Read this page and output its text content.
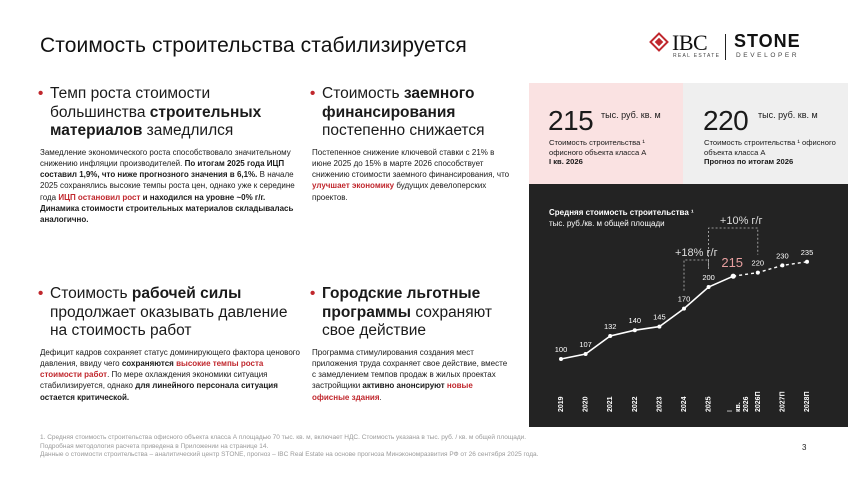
Стоимость строительства стабилизируется	IBC
REAL ESTATE
STONE
DEVELOPER
• Темп роста стоимости большинства строительных материалов замедлился
Замедление экономического роста способствовало значительному снижению инфляции производителей. По итогам 2025 года ИЦП составил 1,9%, что ниже прогнозного значения в 6,1%. В начале 2025 сохранялись высокие темпы роста цен, однако уже к середине года ИЦП остановил рост и находился на уровне ~0% г/г. Динамика стоимости строительных материалов складывалась аналогично.
• Стоимость заемного финансирования постепенно снижается
Постепенное снижение ключевой ставки с 21% в июне 2025 до 15% в марте 2026 способствует снижению стоимости заемного финансирования, что улучшает экономику будущих девелоперских проектов.
• Стоимость рабочей силы продолжает оказывать давление на стоимость работ
Дефицит кадров сохраняет статус доминирующего фактора ценового давления, ввиду чего сохраняются высокие темпы роста стоимости работ. По мере охлаждения экономики ситуация стабилизируется, однако для линейного персонала ситуация остается критической.
• Городские льготные программы сохраняют свое действие
Программа стимулирования создания мест приложения труда сохраняет свое действие, вместе с замедлением темпов продаж в жилых проектах застройщики активно анонсируют новые офисные здания.
215 тыс. руб. кв. м
Стоимость строительства ¹ офисного объекта класса А
I кв. 2026
220 тыс. руб. кв. м
Стоимость строительства ¹ офисного объекта класса А
Прогноз по итогам 2026
Средняя стоимость строительства ¹
тыс. руб./кв. м общей площади
100
2019
107
2020
132
2021
140
2022
145
2023
170
2024
200
2025
215
Iкв.2026
220
2026П
230
2027П
235
2028П
+18% г/г
+10% г/г
1. Средняя стоимость строительства офисного объекта класса А площадью 70 тыс. кв. м, включает НДС. Стоимость указана в тыс. руб. / кв. м общей площади.
Подробная методология расчета приведена в Приложении на странице 14.
Данные о стоимости строительства – аналитический центр STONE, прогноз – IBC Real Estate на основе прогноза Минэкономразвития РФ от 26 сентября 2025 года.
3
